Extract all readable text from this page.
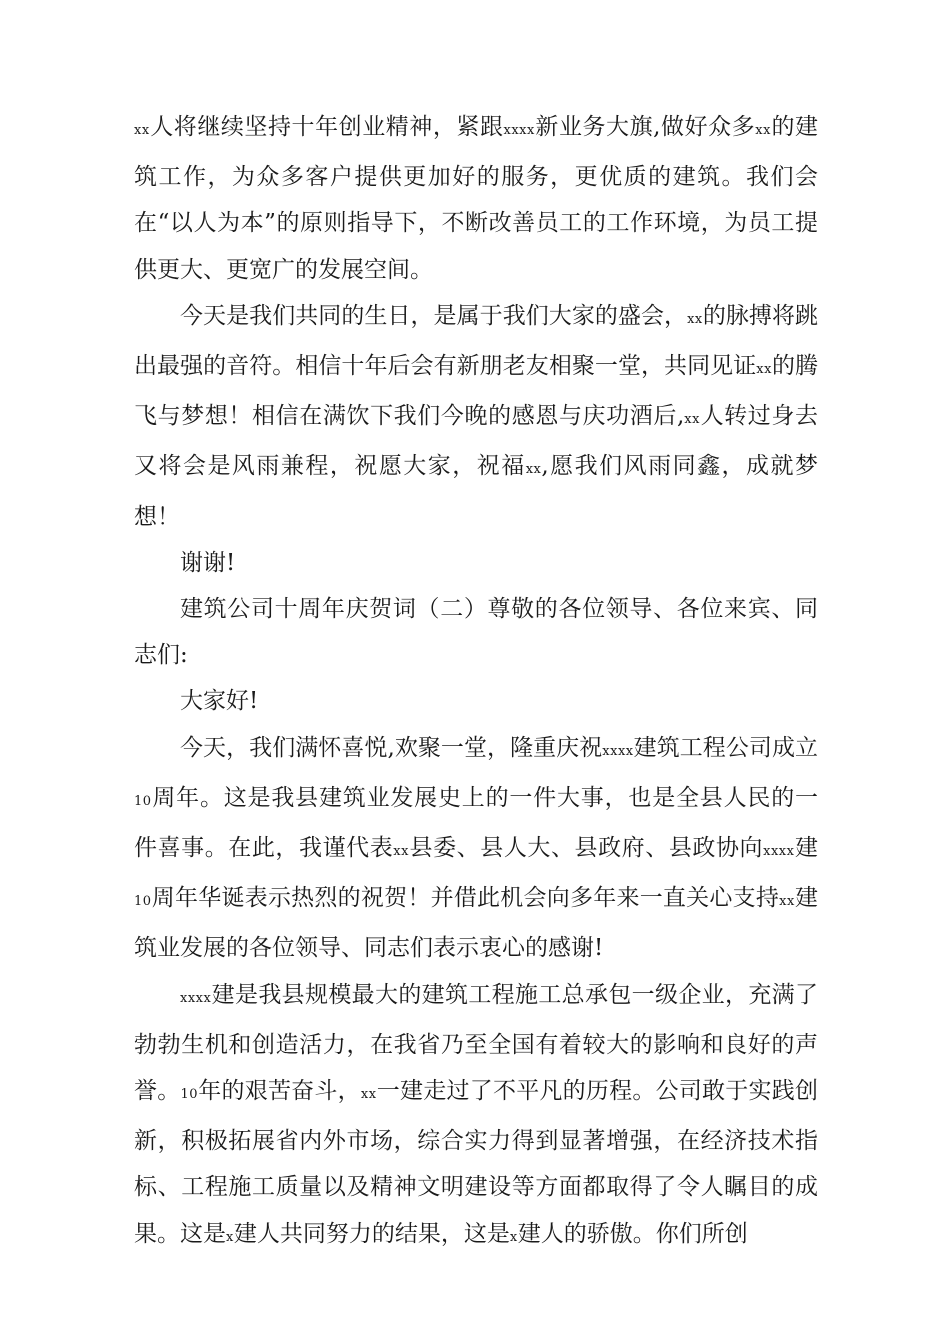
xx人将继续坚持十年创业精神，紧跟xxxx新业务大旗,做好众多xx的建筑工作，为众多客户提供更加好的服务，更优质的建筑。我们会在“以人为本”的原则指导下，不断改善员工的工作环境，为员工提供更大、更宽广的发展空间。

今天是我们共同的生日，是属于我们大家的盛会，xx的脉搏将跳出最强的音符。相信十年后会有新朋老友相聚一堂，共同见证xx的腾飞与梦想！相信在满饮下我们今晚的感恩与庆功酒后,xx人转过身去又将会是风雨兼程，祝愿大家，祝福xx,愿我们风雨同鑫，成就梦想！

谢谢!

建筑公司十周年庆贺词（二）尊敬的各位领导、各位来宾、同志们:

大家好!

今天，我们满怀喜悦,欢聚一堂，隆重庆祝xxxx建筑工程公司成立10周年。这是我县建筑业发展史上的一件大事，也是全县人民的一件喜事。在此，我谨代表xx县委、县人大、县政府、县政协向xxxx建10周年华诞表示热烈的祝贺！并借此机会向多年来一直关心支持xx建筑业发展的各位领导、同志们表示衷心的感谢!

xxxx建是我县规模最大的建筑工程施工总承包一级企业，充满了勃勃生机和创造活力，在我省乃至全国有着较大的影响和良好的声誉。10年的艰苦奋斗，xx一建走过了不平凡的历程。公司敢于实践创新，积极拓展省内外市场，综合实力得到显著增强，在经济技术指标、工程施工质量以及精神文明建设等方面都取得了令人瞩目的成果。这是x建人共同努力的结果，这是x建人的骄傲。你们所创
